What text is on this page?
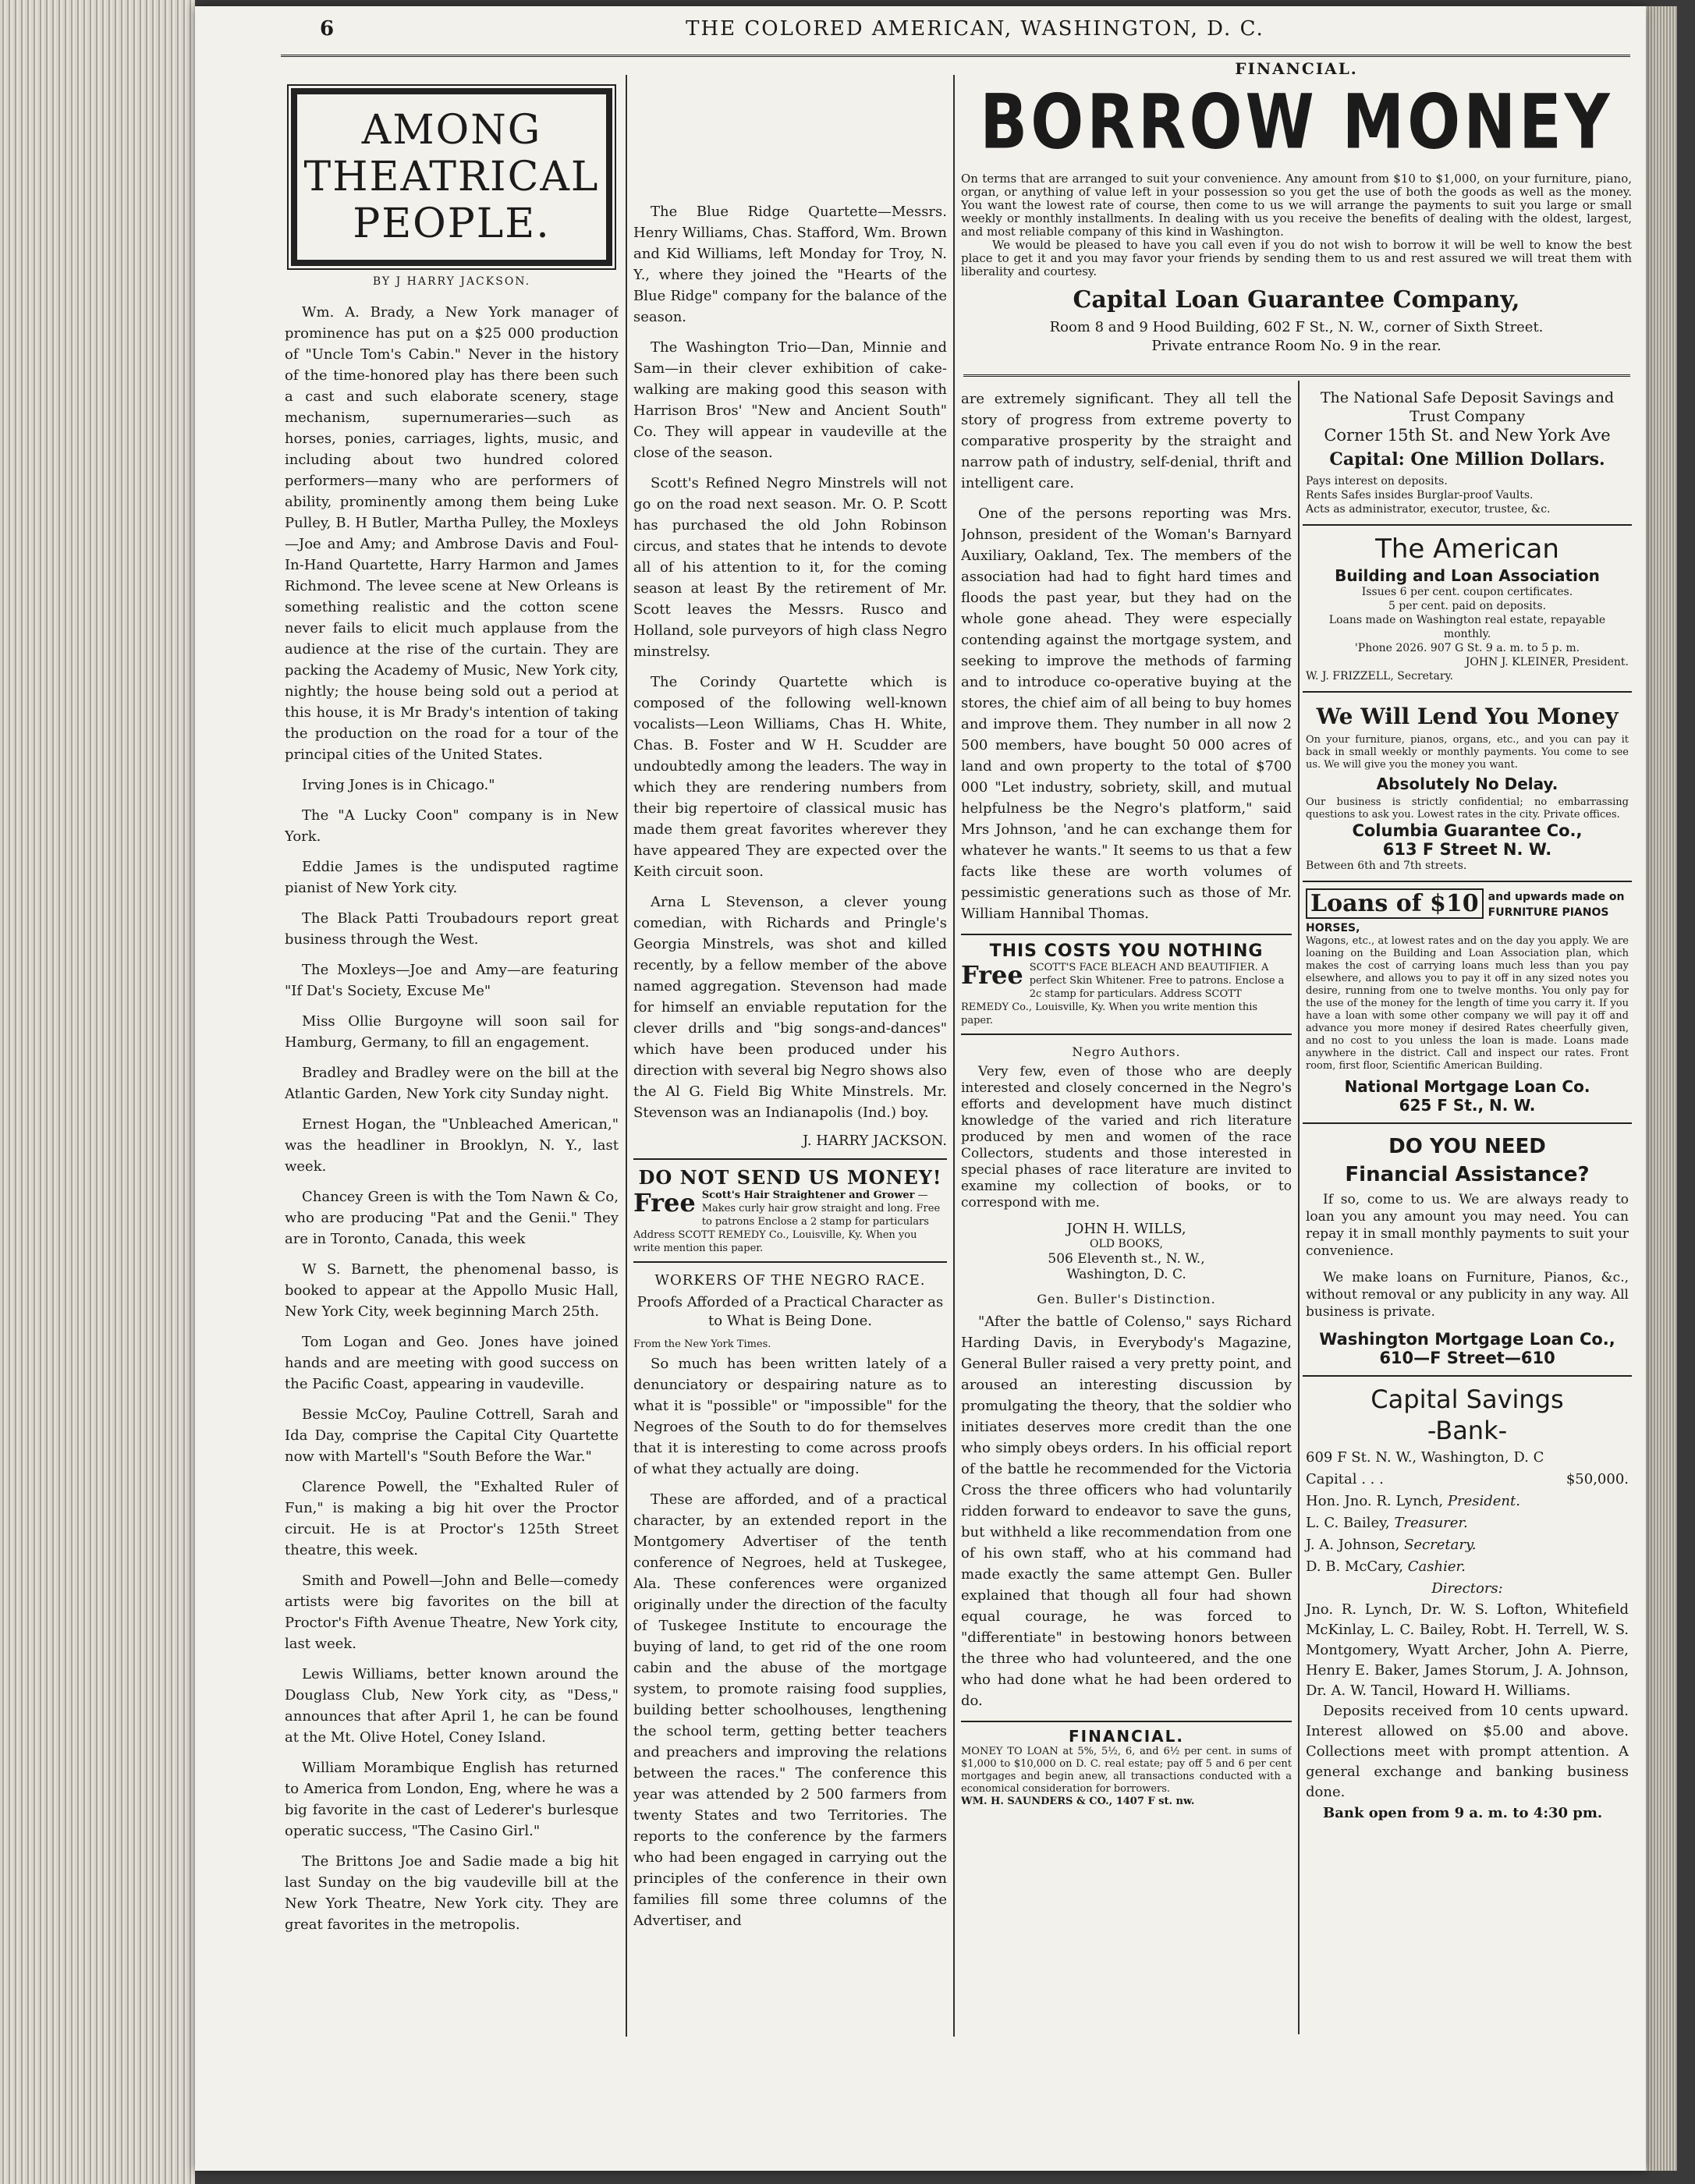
6	THE COLORED AMERICAN, WASHINGTON, D. C.
AMONG THEATRICAL PEOPLE.
BY J HARRY JACKSON.

Wm. A. Brady, a New York manager of prominence has put on a $25 000 production of "Uncle Tom's Cabin." Never in the history of the time-honored play has there been such a cast and such elaborate scenery, stage mechanism, supernumeraries—such as horses, ponies, carriages, lights, music, and including about two hundred colored performers—many who are performers of ability, prominently among them being Luke Pulley, B. H Butler, Martha Pulley, the Moxleys—Joe and Amy; and Ambrose Davis and Foul-In-Hand Quartette, Harry Harmon and James Richmond. The levee scene at New Orleans is something realistic and the cotton scene never fails to elicit much applause from the audience at the rise of the curtain. They are packing the Academy of Music, New York city, nightly; the house being sold out a period at this house, it is Mr Brady's intention of taking the production on the road for a tour of the principal cities of the United States.

Irving Jones is in Chicago."

The "A Lucky Coon" company is in New York.

Eddie James is the undisputed ragtime pianist of New York city.

The Black Patti Troubadours report great business through the West.

The Moxleys—Joe and Amy—are featuring "If Dat's Society, Excuse Me"

Miss Ollie Burgoyne will soon sail for Hamburg, Germany, to fill an engagement.

Bradley and Bradley were on the bill at the Atlantic Garden, New York city Sunday night.

Ernest Hogan, the "Unbleached American," was the headliner in Brooklyn, N. Y., last week.

Chancey Green is with the Tom Nawn & Co, who are producing "Pat and the Genii." They are in Toronto, Canada, this week

W S. Barnett, the phenomenal basso, is booked to appear at the Appollo Music Hall, New York City, week beginning March 25th.

Tom Logan and Geo. Jones have joined hands and are meeting with good success on the Pacific Coast, appearing in vaudeville.

Bessie McCoy, Pauline Cottrell, Sarah and Ida Day, comprise the Capital City Quartette now with Martell's "South Before the War."

Clarence Powell, the "Exhalted Ruler of Fun," is making a big hit over the Proctor circuit. He is at Proctor's 125th Street theatre, this week.

Smith and Powell—John and Belle—comedy artists were big favorites on the bill at Proctor's Fifth Avenue Theatre, New York city, last week.

Lewis Williams, better known around the Douglass Club, New York city, as "Dess," announces that after April 1, he can be found at the Mt. Olive Hotel, Coney Island.

William Morambique English has returned to America from London, Eng, where he was a big favorite in the cast of Lederer's burlesque operatic success, "The Casino Girl."

The Brittons Joe and Sadie made a big hit last Sunday on the big vaudeville bill at the New York Theatre, New York city. They are great favorites in the metropolis.

The Blue Ridge Quartette—Messrs. Henry Williams, Chas. Stafford, Wm. Brown and Kid Williams, left Monday for Troy, N. Y., where they joined the "Hearts of the Blue Ridge" company for the balance of the season.

The Washington Trio—Dan, Minnie and Sam—in their clever exhibition of cake-walking are making good this season with Harrison Bros' "New and Ancient South" Co. They will appear in vaudeville at the close of the season.

Scott's Refined Negro Minstrels will not go on the road next season. Mr. O. P. Scott has purchased the old John Robinson circus, and states that he intends to devote all of his attention to it, for the coming season at least By the retirement of Mr. Scott leaves the Messrs. Rusco and Holland, sole purveyors of high class Negro minstrelsy.

The Corindy Quartette which is composed of the following well-known vocalists—Leon Williams, Chas H. White, Chas. B. Foster and W H. Scudder are undoubtedly among the leaders. The way in which they are rendering numbers from their big repertoire of classical music has made them great favorites wherever they have appeared They are expected over the Keith circuit soon.

Arna L Stevenson, a clever young comedian, with Richards and Pringle's Georgia Minstrels, was shot and killed recently, by a fellow member of the above named aggregation. Stevenson had made for himself an enviable reputation for the clever drills and "big songs-and-dances" which have been produced under his direction with several big Negro shows also the Al G. Field Big White Minstrels. Mr. Stevenson was an Indianapolis (Ind.) boy.

J. HARRY JACKSON.
DO NOT SEND US MONEY!
Free Scott's Hair Straightener and Grower — Makes curly hair grow straight and long. Free to patrons Enclose a 2 stamp for particulars Address SCOTT REMEDY Co., Louisville, Ky. When you write mention this paper.
WORKERS OF THE NEGRO RACE.
Proofs Afforded of a Practical Character as to What is Being Done.
From the New York Times.

So much has been written lately of a denunciatory or despairing nature as to what it is "possible" or "impossible" for the Negroes of the South to do for themselves that it is interesting to come across proofs of what they actually are doing.

These are afforded, and of a practical character, by an extended report in the Montgomery Advertiser of the tenth conference of Negroes, held at Tuskegee, Ala. These conferences were organized originally under the direction of the faculty of Tuskegee Institute to encourage the buying of land, to get rid of the one room cabin and the abuse of the mortgage system, to promote raising food supplies, building better schoolhouses, lengthening the school term, getting better teachers and preachers and improving the relations between the races." The conference this year was attended by 2 500 farmers from twenty States and two Territories. The reports to the conference by the farmers who had been engaged in carrying out the principles of the conference in their own families fill some three columns of the Advertiser, and

FINANCIAL.
BORROW MONEY
On terms that are arranged to suit your convenience. Any amount from $10 to $1,000, on your furniture, piano, organ, or anything of value left in your possession so you get the use of both the goods as well as the money. You want the lowest rate of course, then come to us we will arrange the payments to suit you large or small weekly or monthly installments. In dealing with us you receive the benefits of dealing with the oldest, largest, and most reliable company of this kind in Washington.
We would be pleased to have you call even if you do not wish to borrow it will be well to know the best place to get it and you may favor your friends by sending them to us and rest assured we will treat them with liberality and courtesy.
Capital Loan Guarantee Company,
Room 8 and 9 Hood Building, 602 F St., N. W., corner of Sixth Street.
Private entrance Room No. 9 in the rear.

are extremely significant. They all tell the story of progress from extreme poverty to comparative prosperity by the straight and narrow path of industry, self-denial, thrift and intelligent care.

One of the persons reporting was Mrs. Johnson, president of the Woman's Barnyard Auxiliary, Oakland, Tex. The members of the association had had to fight hard times and floods the past year, but they had on the whole gone ahead. They were especially contending against the mortgage system, and seeking to improve the methods of farming and to introduce co-operative buying at the stores, the chief aim of all being to buy homes and improve them. They number in all now 2 500 members, have bought 50 000 acres of land and own property to the total of $700 000 "Let industry, sobriety, skill, and mutual helpfulness be the Negro's platform," said Mrs Johnson, 'and he can exchange them for whatever he wants." It seems to us that a few facts like these are worth volumes of pessimistic generations such as those of Mr. William Hannibal Thomas.

THIS COSTS YOU NOTHING
Free SCOTT'S FACE BLEACH AND BEAUTIFIER. A perfect Skin Whitener. Free to patrons. Enclose a 2c stamp for particulars. Address SCOTT REMEDY Co., Louisville, Ky. When you write mention this paper.
Negro Authors.

Very few, even of those who are deeply interested and closely concerned in the Negro's efforts and development have much distinct knowledge of the varied and rich literature produced by men and women of the race Collectors, students and those interested in special phases of race literature are invited to examine my collection of books, or to correspond with me.

JOHN H. WILLS,
OLD BOOKS,
506 Eleventh st., N. W.,
Washington, D. C.
Gen. Buller's Distinction.

"After the battle of Colenso," says Richard Harding Davis, in Everybody's Magazine, General Buller raised a very pretty point, and aroused an interesting discussion by promulgating the theory, that the soldier who initiates deserves more credit than the one who simply obeys orders. In his official report of the battle he recommended for the Victoria Cross the three officers who had voluntarily ridden forward to endeavor to save the guns, but withheld a like recommendation from one of his own staff, who at his command had made exactly the same attempt Gen. Buller explained that though all four had shown equal courage, he was forced to "differentiate" in bestowing honors between the three who had volunteered, and the one who had done what he had been ordered to do.

FINANCIAL.
MONEY TO LOAN at 5%, 5½, 6, and 6½ per cent. in sums of $1,000 to $10,000 on D. C. real estate; pay off 5 and 6 per cent mortgages and begin anew, all transactions conducted with a economical consideration for borrowers.
WM. H. SAUNDERS & CO., 1407 F st. nw.
The National Safe Deposit Savings and
Trust Company
Corner 15th St. and New York Ave
Capital: One Million Dollars.
Pays interest on deposits.
Rents Safes insides Burglar-proof Vaults.
Acts as administrator, executor, trustee, &c.
The American
Building and Loan Association
Issues 6 per cent. coupon certificates.
5 per cent. paid on deposits.
Loans made on Washington real estate, repayable monthly.
'Phone 2026. 907 G St. 9 a. m. to 5 p. m.
JOHN J. KLEINER, President.
W. J. FRIZZELL, Secretary.
We Will Lend You Money
On your furniture, pianos, organs, etc., and you can pay it back in small weekly or monthly payments. You come to see us. We will give you the money you want.
Absolutely No Delay.
Our business is strictly confidential; no embarrassing questions to ask you. Lowest rates in the city. Private offices.
Columbia Guarantee Co.,
613 F Street N. W.
Between 6th and 7th streets.
Loans of $10 and upwards made on FURNITURE PIANOS HORSES,
Wagons, etc., at lowest rates and on the day you apply. We are loaning on the Building and Loan Association plan, which makes the cost of carrying loans much less than you pay elsewhere, and allows you to pay it off in any sized notes you desire, running from one to twelve months. You only pay for the use of the money for the length of time you carry it. If you have a loan with some other company we will pay it off and advance you more money if desired Rates cheerfully given, and no cost to you unless the loan is made. Loans made anywhere in the district. Call and inspect our rates. Front room, first floor, Scientific American Building.
National Mortgage Loan Co.
625 F St., N. W.
DO YOU NEED
Financial Assistance?

If so, come to us. We are always ready to loan you any amount you may need. You can repay it in small monthly payments to suit your convenience.

We make loans on Furniture, Pianos, &c., without removal or any publicity in any way. All business is private.

Washington Mortgage Loan Co.,
610—F Street—610
Capital Savings
-Bank-
609 F St. N. W., Washington, D. C
Capital . . .	$50,000.
Hon. Jno. R. Lynch, President.
L. C. Bailey, Treasurer.
J. A. Johnson, Secretary.
D. B. McCary, Cashier.
Directors:

Jno. R. Lynch, Dr. W. S. Lofton, Whitefield McKinlay, L. C. Bailey, Robt. H. Terrell, W. S. Montgomery, Wyatt Archer, John A. Pierre, Henry E. Baker, James Storum, J. A. Johnson, Dr. A. W. Tancil, Howard H. Williams.

Deposits received from 10 cents upward. Interest allowed on $5.00 and above. Collections meet with prompt attention. A general exchange and banking business done.

Bank open from 9 a. m. to 4:30 pm.
